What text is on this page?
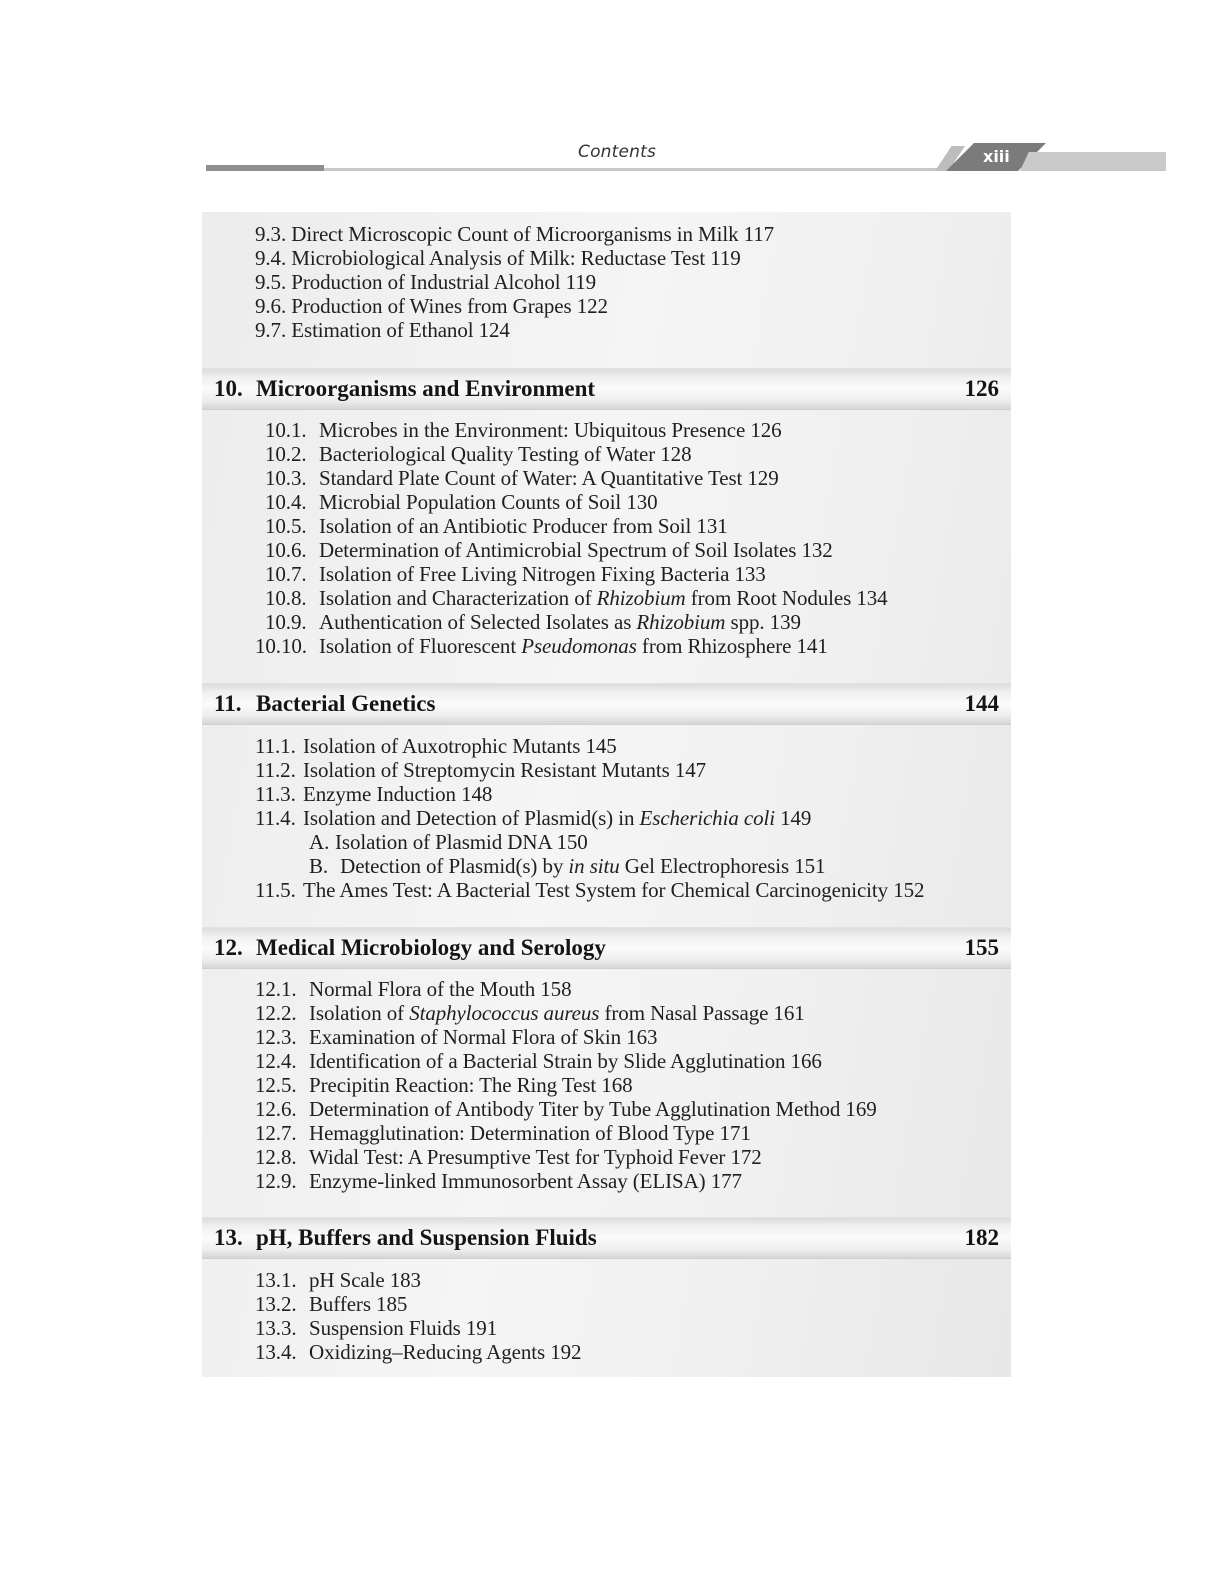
Contents	xiii
9.3. Direct Microscopic Count of Microorganisms in Milk 117
9.4. Microbiological Analysis of Milk: Reductase Test 119
9.5. Production of Industrial Alcohol 119
9.6. Production of Wines from Grapes 122
9.7. Estimation of Ethanol 124
10. Microorganisms and Environment	126
10.1. Microbes in the Environment: Ubiquitous Presence 126
10.2. Bacteriological Quality Testing of Water 128
10.3. Standard Plate Count of Water: A Quantitative Test 129
10.4. Microbial Population Counts of Soil 130
10.5. Isolation of an Antibiotic Producer from Soil 131
10.6. Determination of Antimicrobial Spectrum of Soil Isolates 132
10.7. Isolation of Free Living Nitrogen Fixing Bacteria 133
10.8. Isolation and Characterization of Rhizobium from Root Nodules 134
10.9. Authentication of Selected Isolates as Rhizobium spp. 139
10.10. Isolation of Fluorescent Pseudomonas from Rhizosphere 141
11. Bacterial Genetics	144
11.1. Isolation of Auxotrophic Mutants 145
11.2. Isolation of Streptomycin Resistant Mutants 147
11.3. Enzyme Induction 148
11.4. Isolation and Detection of Plasmid(s) in Escherichia coli 149
A. Isolation of Plasmid DNA 150
B. Detection of Plasmid(s) by in situ Gel Electrophoresis 151
11.5. The Ames Test: A Bacterial Test System for Chemical Carcinogenicity 152
12. Medical Microbiology and Serology	155
12.1. Normal Flora of the Mouth 158
12.2. Isolation of Staphylococcus aureus from Nasal Passage 161
12.3. Examination of Normal Flora of Skin 163
12.4. Identification of a Bacterial Strain by Slide Agglutination 166
12.5. Precipitin Reaction: The Ring Test 168
12.6. Determination of Antibody Titer by Tube Agglutination Method 169
12.7. Hemagglutination: Determination of Blood Type 171
12.8. Widal Test: A Presumptive Test for Typhoid Fever 172
12.9. Enzyme-linked Immunosorbent Assay (ELISA) 177
13. pH, Buffers and Suspension Fluids	182
13.1. pH Scale 183
13.2. Buffers 185
13.3. Suspension Fluids 191
13.4. Oxidizing–Reducing Agents 192
